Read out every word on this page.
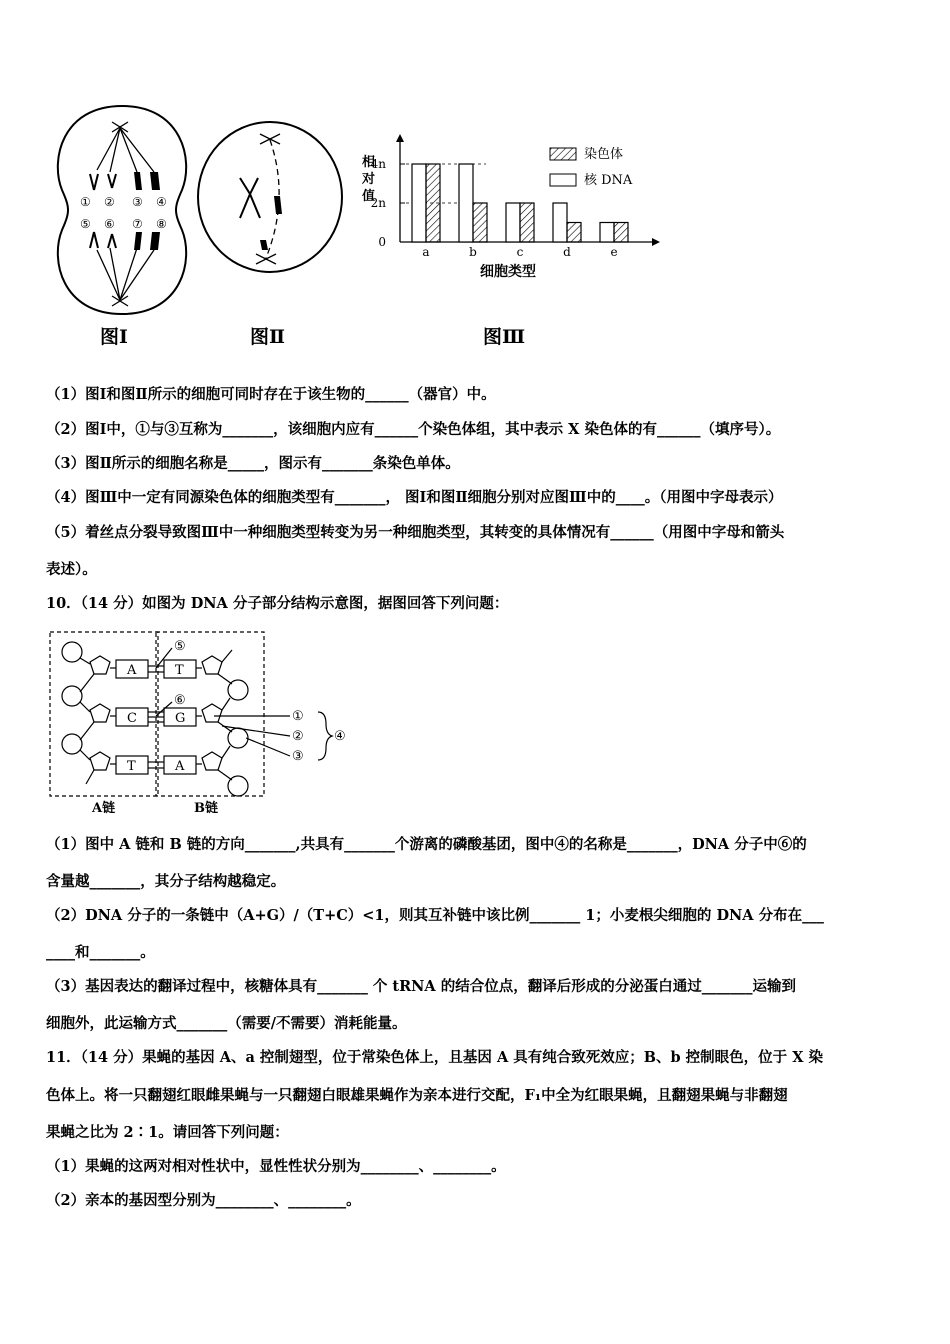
① ② ③ ④
⑤ ⑥ ⑦ ⑧
图Ⅰ	图Ⅱ
相
对
值
0
2n
4n
a	b	c	d	e
细胞类型
染色体
核 DNA
图Ⅲ
（1）图Ⅰ和图Ⅱ所示的细胞可同时存在于该生物的______（器官）中。
（2）图Ⅰ中，①与③互称为_______，该细胞内应有______个染色体组，其中表示 X 染色体的有______（填序号）。
（3）图Ⅱ所示的细胞名称是_____，图示有_______条染色单体。
（4）图Ⅲ中一定有同源染色体的细胞类型有_______， 图Ⅰ和图Ⅱ细胞分别对应图Ⅲ中的____。（用图中字母表示）
（5）着丝点分裂导致图Ⅲ中一种细胞类型转变为另一种细胞类型，其转变的具体情况有______（用图中字母和箭头
表述）。
10．（14 分）如图为 DNA 分子部分结构示意图，据图回答下列问题：
A
C
T
T
G
A
⑤
⑥
①
②
③
④
A链	B链
（1）图中 A 链和 B 链的方向_______,共具有_______个游离的磷酸基团，图中④的名称是_______，DNA 分子中⑥的
含量越_______，其分子结构越稳定。
（2）DNA 分子的一条链中（A+G）/（T+C）<1，则其互补链中该比例_______ 1；小麦根尖细胞的 DNA 分布在___
____和_______。
（3）基因表达的翻译过程中，核糖体具有_______ 个 tRNA 的结合位点，翻译后形成的分泌蛋白通过_______运输到
细胞外，此运输方式_______（需要/不需要）消耗能量。
11．（14 分）果蝇的基因 A、a 控制翅型，位于常染色体上，且基因 A 具有纯合致死效应；B、b 控制眼色，位于 X 染
色体上。将一只翻翅红眼雌果蝇与一只翻翅白眼雄果蝇作为亲本进行交配，F₁中全为红眼果蝇，且翻翅果蝇与非翻翅
果蝇之比为 2∶1。请回答下列问题：
（1）果蝇的这两对相对性状中，显性性状分别为________、________。
（2）亲本的基因型分别为________、________。
